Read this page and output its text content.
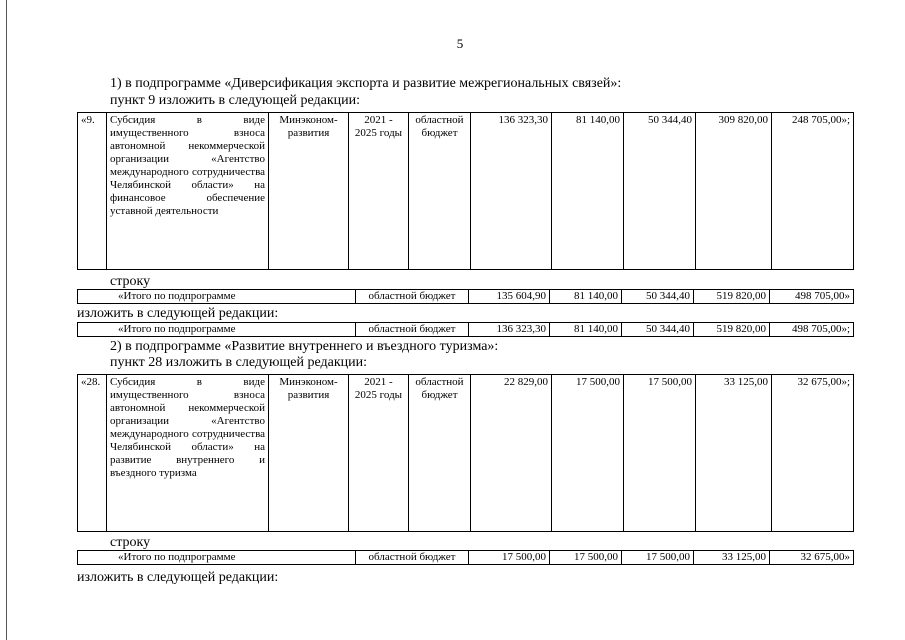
5
1) в подпрограмме «Диверсификация экспорта и развитие межрегиональных связей»:
пункт 9 изложить в следующей редакции:
«9.	Субсидия в виде имущественного взноса автономной некоммерческой организации «Агентство международного сотрудничества Челябинской области» на финансовое обеспечение уставной деятельности	Минэконом-развития	2021 - 2025 годы	областной бюджет	136 323,30	81 140,00	50 344,40	309 820,00	248 705,00»;
строку
«Итого по подпрограмме	областной бюджет	135 604,90	81 140,00	50 344,40	519 820,00	498 705,00»
изложить в следующей редакции:
«Итого по подпрограмме	областной бюджет	136 323,30	81 140,00	50 344,40	519 820,00	498 705,00»;
2) в подпрограмме «Развитие внутреннего и въездного туризма»:
пункт 28 изложить в следующей редакции:
«28.	Субсидия в виде имущественного взноса автономной некоммерческой организации «Агентство международного сотрудничества Челябинской области» на развитие внутреннего и въездного туризма	Минэконом-развития	2021 - 2025 годы	областной бюджет	22 829,00	17 500,00	17 500,00	33 125,00	32 675,00»;
строку
«Итого по подпрограмме	областной бюджет	17 500,00	17 500,00	17 500,00	33 125,00	32 675,00»
изложить в следующей редакции:
